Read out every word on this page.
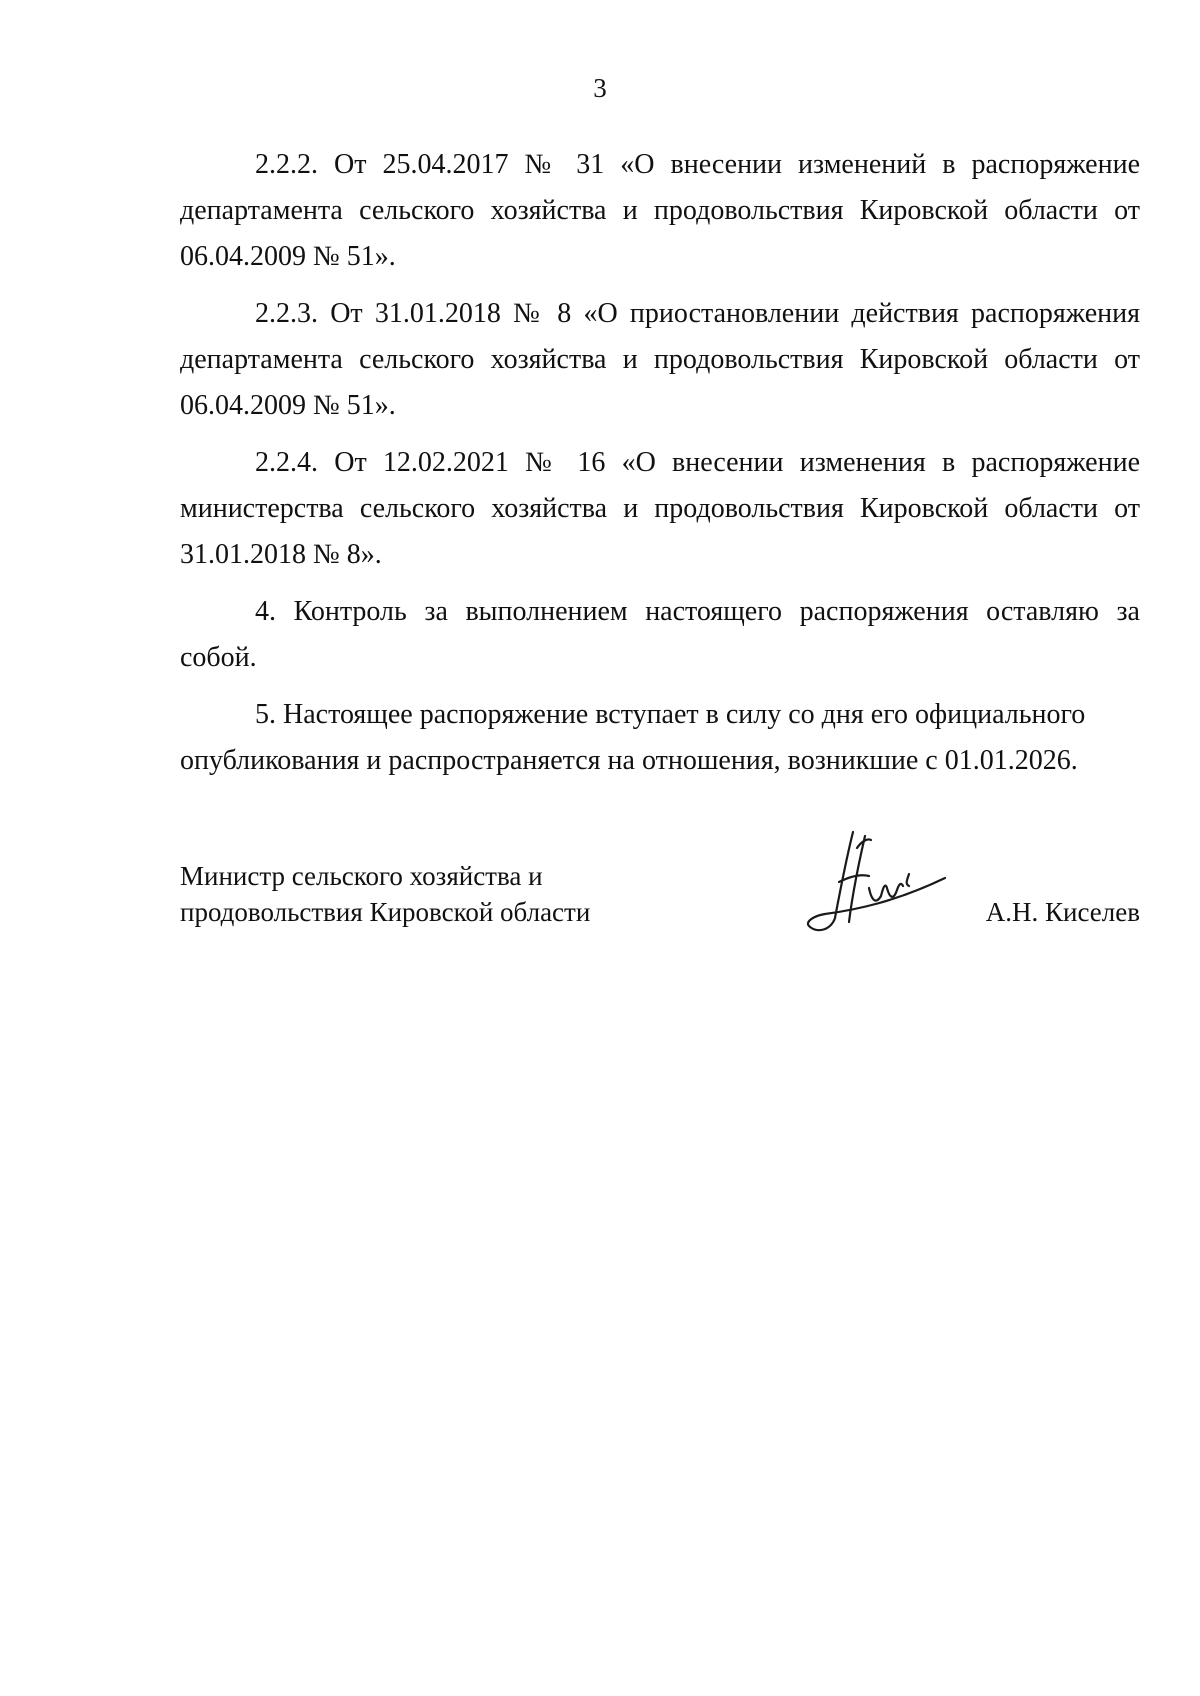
3

2.2.2. От 25.04.2017 № 31 «О внесении изменений в распоряжение департамента сельского хозяйства и продовольствия Кировской области от 06.04.2009 № 51».

2.2.3. От 31.01.2018 № 8 «О приостановлении действия распоряжения департамента сельского хозяйства и продовольствия Кировской области от 06.04.2009 № 51».

2.2.4. От 12.02.2021 № 16 «О внесении изменения в распоряжение министерства сельского хозяйства и продовольствия Кировской области от 31.01.2018 № 8».

4. Контроль за выполнением настоящего распоряжения оставляю за собой.

5. Настоящее распоряжение вступает в силу со дня его официального опубликования и распространяется на отношения, возникшие с 01.01.2026.

Министр сельского хозяйства и
продовольствия Кировской области	А.Н. Киселев
